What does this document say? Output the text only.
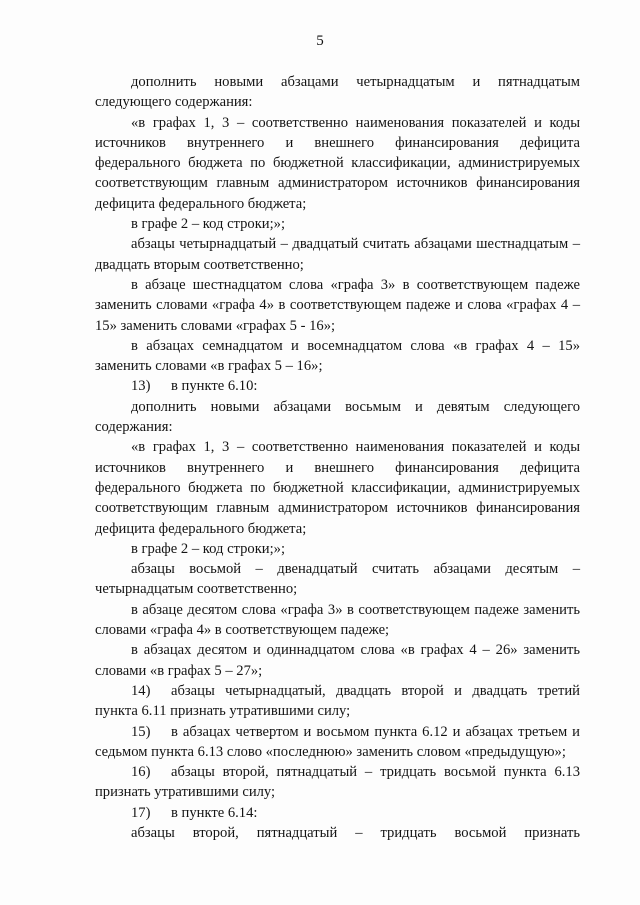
5

дополнить новыми абзацами четырнадцатым и пятнадцатым следующего содержания:

«в графах 1, 3 – соответственно наименования показателей и коды источников внутреннего и внешнего финансирования дефицита федерального бюджета по бюджетной классификации, администрируемых соответствующим главным администратором источников финансирования дефицита федерального бюджета;

в графе 2 – код строки;»;

абзацы четырнадцатый – двадцатый считать абзацами шестнадцатым – двадцать вторым соответственно;

в абзаце шестнадцатом слова «графа 3» в соответствующем падеже заменить словами «графа 4» в соответствующем падеже и слова «графах 4 – 15» заменить словами «графах 5 - 16»;

в абзацах семнадцатом и восемнадцатом слова «в графах 4 – 15» заменить словами «в графах 5 – 16»;

13) в пункте 6.10:

дополнить новыми абзацами восьмым и девятым следующего содержания:

«в графах 1, 3 – соответственно наименования показателей и коды источников внутреннего и внешнего финансирования дефицита федерального бюджета по бюджетной классификации, администрируемых соответствующим главным администратором источников финансирования дефицита федерального бюджета;

в графе 2 – код строки;»;

абзацы восьмой – двенадцатый считать абзацами десятым – четырнадцатым соответственно;

в абзаце десятом слова «графа 3» в соответствующем падеже заменить словами «графа 4» в соответствующем падеже;

в абзацах десятом и одиннадцатом слова «в графах 4 – 26» заменить словами «в графах 5 – 27»;

14) абзацы четырнадцатый, двадцать второй и двадцать третий пункта 6.11 признать утратившими силу;

15) в абзацах четвертом и восьмом пункта 6.12 и абзацах третьем и седьмом пункта 6.13 слово «последнюю» заменить словом «предыдущую»;

16) абзацы второй, пятнадцатый – тридцать восьмой пункта 6.13 признать утратившими силу;

17) в пункте 6.14:

абзацы второй, пятнадцатый – тридцать восьмой признать
